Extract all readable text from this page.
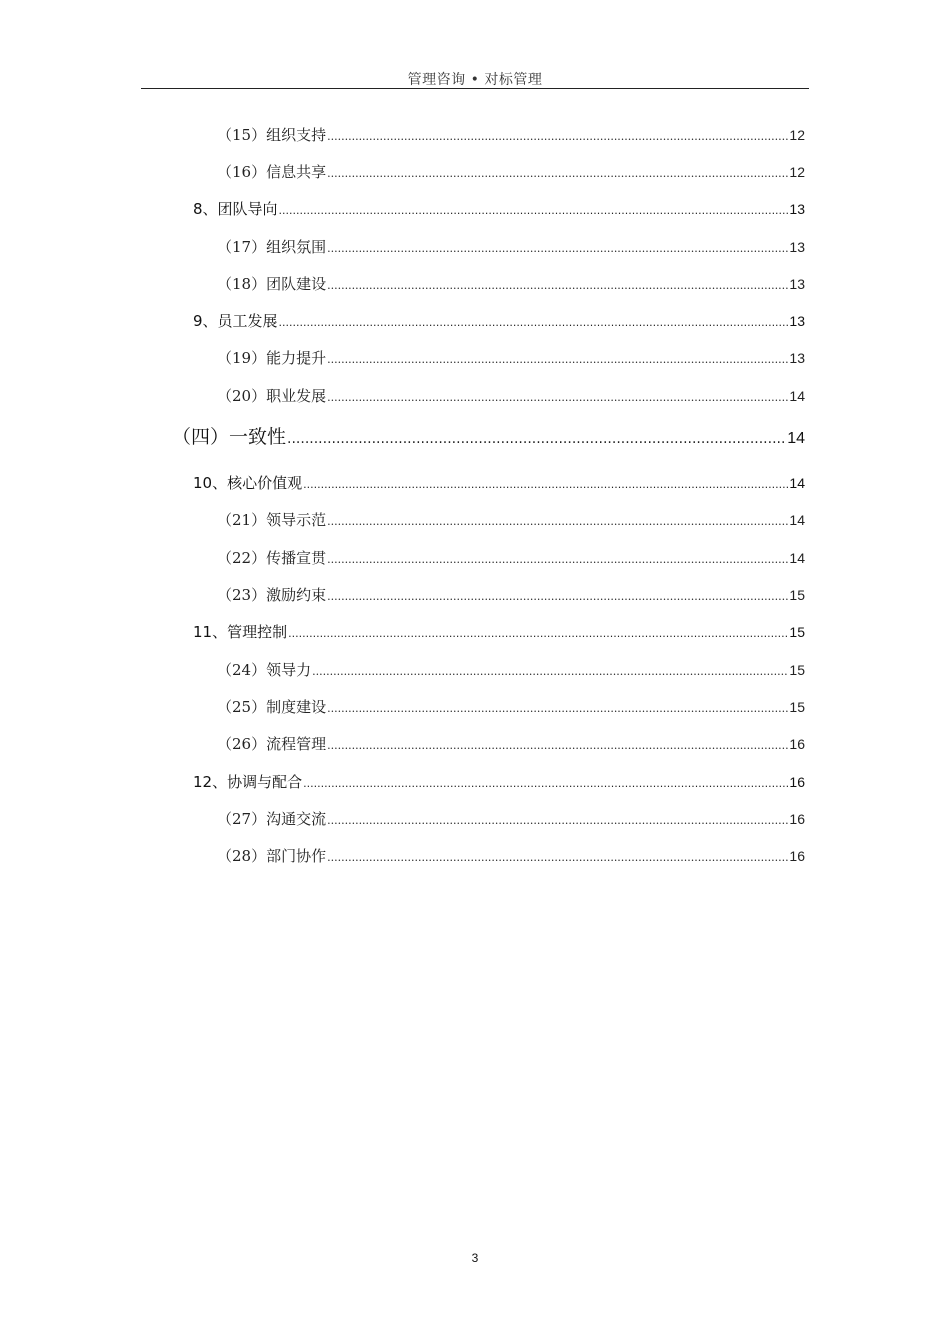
管理咨询 • 对标管理
（15）组织支持 .....	12
（16）信息共享 .....	12
8、团队导向 .....	13
（17）组织氛围 .....	13
（18）团队建设 .....	13
9、员工发展 .....	13
（19）能力提升 .....	13
（20）职业发展 .....	14
（四）一致性 .....	14
10、核心价值观 .....	14
（21）领导示范 .....	14
（22）传播宣贯 .....	14
（23）激励约束 .....	15
11、管理控制 .....	15
（24）领导力 .....	15
（25）制度建设 .....	15
（26）流程管理 .....	16
12、协调与配合 .....	16
（27）沟通交流 .....	16
（28）部门协作 .....	16
3
